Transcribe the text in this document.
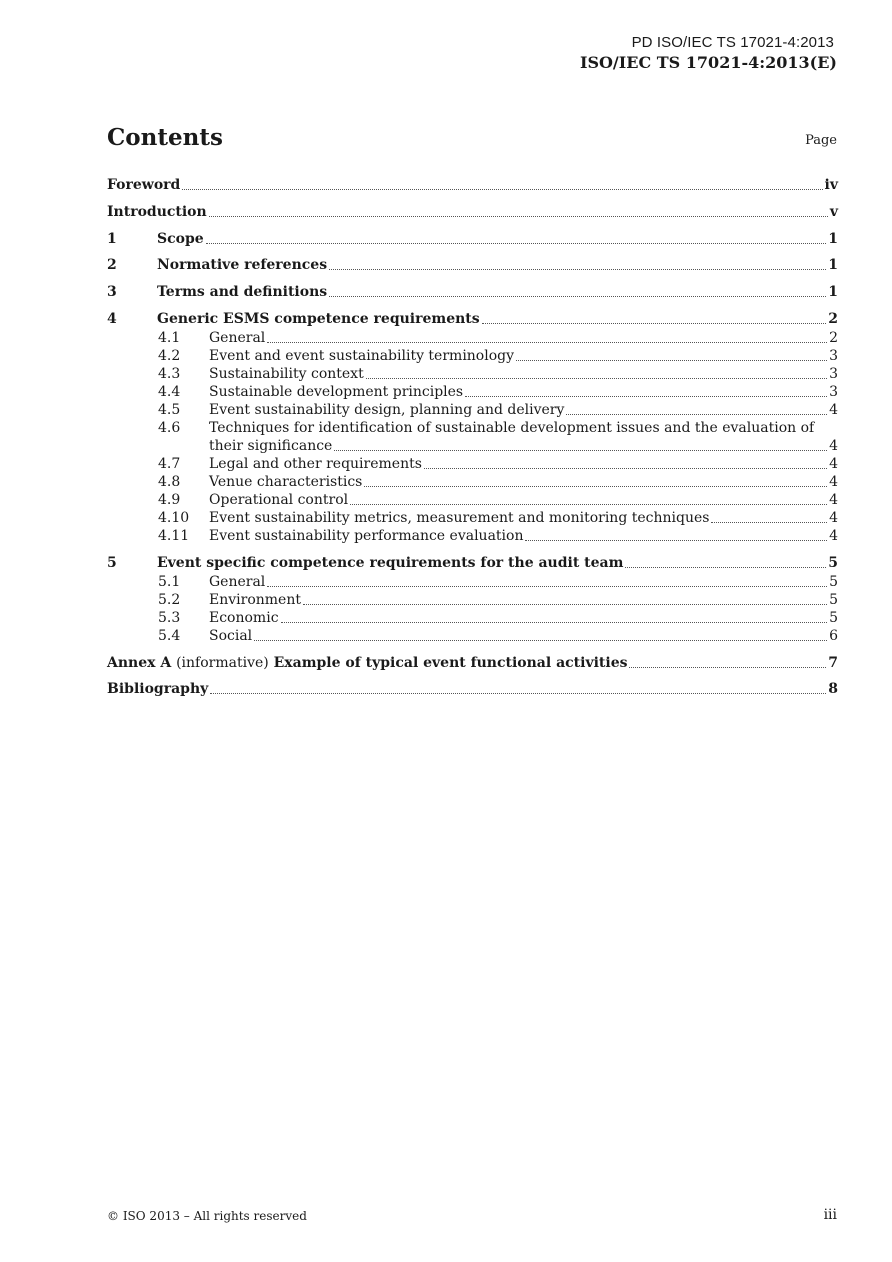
PD ISO/IEC TS 17021-4:2013
ISO/IEC TS 17021-4:2013(E)
Contents	Page
Foreword	iv
Introduction	v
1	Scope	1
2	Normative references	1
3	Terms and definitions	1
4	Generic ESMS competence requirements	2
4.1	General	2
4.2	Event and event sustainability terminology	3
4.3	Sustainability context	3
4.4	Sustainable development principles	3
4.5	Event sustainability design, planning and delivery	4
4.6	Techniques for identification of sustainable development issues and the evaluation of
their significance	4
4.7	Legal and other requirements	4
4.8	Venue characteristics	4
4.9	Operational control	4
4.10	Event sustainability metrics, measurement and monitoring techniques	4
4.11	Event sustainability performance evaluation	4
5	Event specific competence requirements for the audit team	5
5.1	General	5
5.2	Environment	5
5.3	Economic	5
5.4	Social	6
Annex A (informative) Example of typical event functional activities	7
Bibliography	8
© ISO 2013 – All rights reserved	iii
